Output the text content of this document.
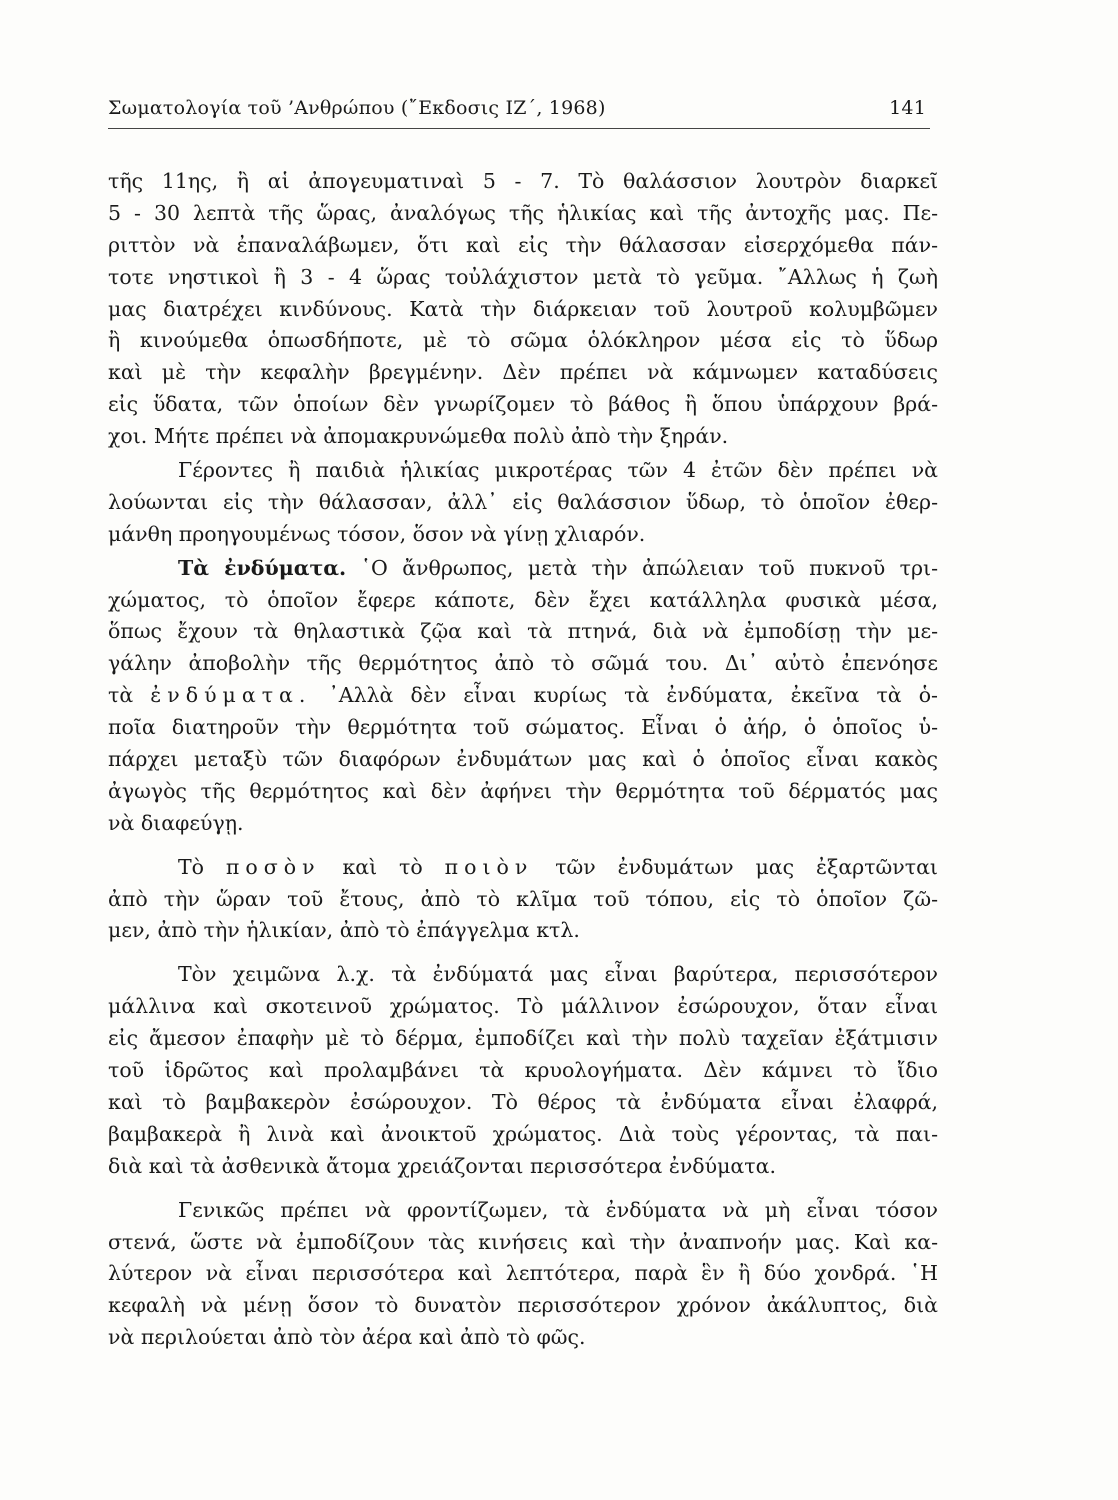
Σωματολογία τοῦ ’Ανθρώπου (῎Εκδοσις ΙΖ΄, 1968)	141
τῆς 11ης, ἢ αἱ ἀπογευματιναὶ 5 - 7. Τὸ θαλάσσιον λουτρὸν διαρκεῖ
5 - 30 λεπτὰ τῆς ὥρας, ἀναλόγως τῆς ἡλικίας καὶ τῆς ἀντοχῆς μας. Πε-
ριττὸν νὰ ἐπαναλάβωμεν, ὅτι καὶ εἰς τὴν θάλασσαν εἰσερχόμεθα πάν-
τοτε νηστικοὶ ἢ 3 - 4 ὥρας τοὐλάχιστον μετὰ τὸ γεῦμα. ῎Αλλως ἡ ζωὴ
μας διατρέχει κινδύνους. Κατὰ τὴν διάρκειαν τοῦ λουτροῦ κολυμβῶμεν
ἢ κινούμεθα ὁπωσδήποτε, μὲ τὸ σῶμα ὁλόκληρον μέσα εἰς τὸ ὕδωρ
καὶ μὲ τὴν κεφαλὴν βρεγμένην. Δὲν πρέπει νὰ κάμνωμεν καταδύσεις
εἰς ὕδατα, τῶν ὁποίων δὲν γνωρίζομεν τὸ βάθος ἢ ὅπου ὑπάρχουν βρά-
χοι. Μήτε πρέπει νὰ ἀπομακρυνώμεθα πολὺ ἀπὸ τὴν ξηράν.
Γέροντες ἢ παιδιὰ ἡλικίας μικροτέρας τῶν 4 ἐτῶν δὲν πρέπει νὰ
λούωνται εἰς τὴν θάλασσαν, ἀλλ᾽ εἰς θαλάσσιον ὕδωρ, τὸ ὁποῖον ἐθερ-
μάνθη προηγουμένως τόσον, ὅσον νὰ γίνῃ χλιαρόν.
Τὰ ἐνδύματα. ῾Ο ἄνθρωπος, μετὰ τὴν ἀπώλειαν τοῦ πυκνοῦ τρι-
χώματος, τὸ ὁποῖον ἔφερε κάποτε, δὲν ἔχει κατάλληλα φυσικὰ μέσα,
ὅπως ἔχουν τὰ θηλαστικὰ ζῷα καὶ τὰ πτηνά, διὰ νὰ ἐμποδίσῃ τὴν με-
γάλην ἀποβολὴν τῆς θερμότητος ἀπὸ τὸ σῶμά του. Δι᾽ αὐτὸ ἐπενόησε
τὰ ἐνδύματα. ᾽Αλλὰ δὲν εἶναι κυρίως τὰ ἐνδύματα, ἐκεῖνα τὰ ὁ-
ποῖα διατηροῦν τὴν θερμότητα τοῦ σώματος. Εἶναι ὁ ἀήρ, ὁ ὁποῖος ὑ-
πάρχει μεταξὺ τῶν διαφόρων ἐνδυμάτων μας καὶ ὁ ὁποῖος εἶναι κακὸς
ἀγωγὸς τῆς θερμότητος καὶ δὲν ἀφήνει τὴν θερμότητα τοῦ δέρματός μας
νὰ διαφεύγῃ.
Τὸ ποσὸν καὶ τὸ ποιὸν τῶν ἐνδυμάτων μας ἐξαρτῶνται
ἀπὸ τὴν ὥραν τοῦ ἔτους, ἀπὸ τὸ κλῖμα τοῦ τόπου, εἰς τὸ ὁποῖον ζῶ-
μεν, ἀπὸ τὴν ἡλικίαν, ἀπὸ τὸ ἐπάγγελμα κτλ.
Τὸν χειμῶνα λ.χ. τὰ ἐνδύματά μας εἶναι βαρύτερα, περισσότερον
μάλλινα καὶ σκοτεινοῦ χρώματος. Τὸ μάλλινον ἐσώρουχον, ὅταν εἶναι
εἰς ἄμεσον ἐπαφὴν μὲ τὸ δέρμα, ἐμποδίζει καὶ τὴν πολὺ ταχεῖαν ἐξάτμισιν
τοῦ ἱδρῶτος καὶ προλαμβάνει τὰ κρυολογήματα. Δὲν κάμνει τὸ ἴδιο
καὶ τὸ βαμβακερὸν ἐσώρουχον. Τὸ θέρος τὰ ἐνδύματα εἶναι ἐλαφρά,
βαμβακερὰ ἢ λινὰ καὶ ἀνοικτοῦ χρώματος. Διὰ τοὺς γέροντας, τὰ παι-
διὰ καὶ τὰ ἀσθενικὰ ἄτομα χρειάζονται περισσότερα ἐνδύματα.
Γενικῶς πρέπει νὰ φροντίζωμεν, τὰ ἐνδύματα νὰ μὴ εἶναι τόσον
στενά, ὥστε νὰ ἐμποδίζουν τὰς κινήσεις καὶ τὴν ἀναπνοήν μας. Καὶ κα-
λύτερον νὰ εἶναι περισσότερα καὶ λεπτότερα, παρὰ ἓν ἢ δύο χονδρά. ῾Η
κεφαλὴ νὰ μένῃ ὅσον τὸ δυνατὸν περισσότερον χρόνον ἀκάλυπτος, διὰ
νὰ περιλούεται ἀπὸ τὸν ἀέρα καὶ ἀπὸ τὸ φῶς.
